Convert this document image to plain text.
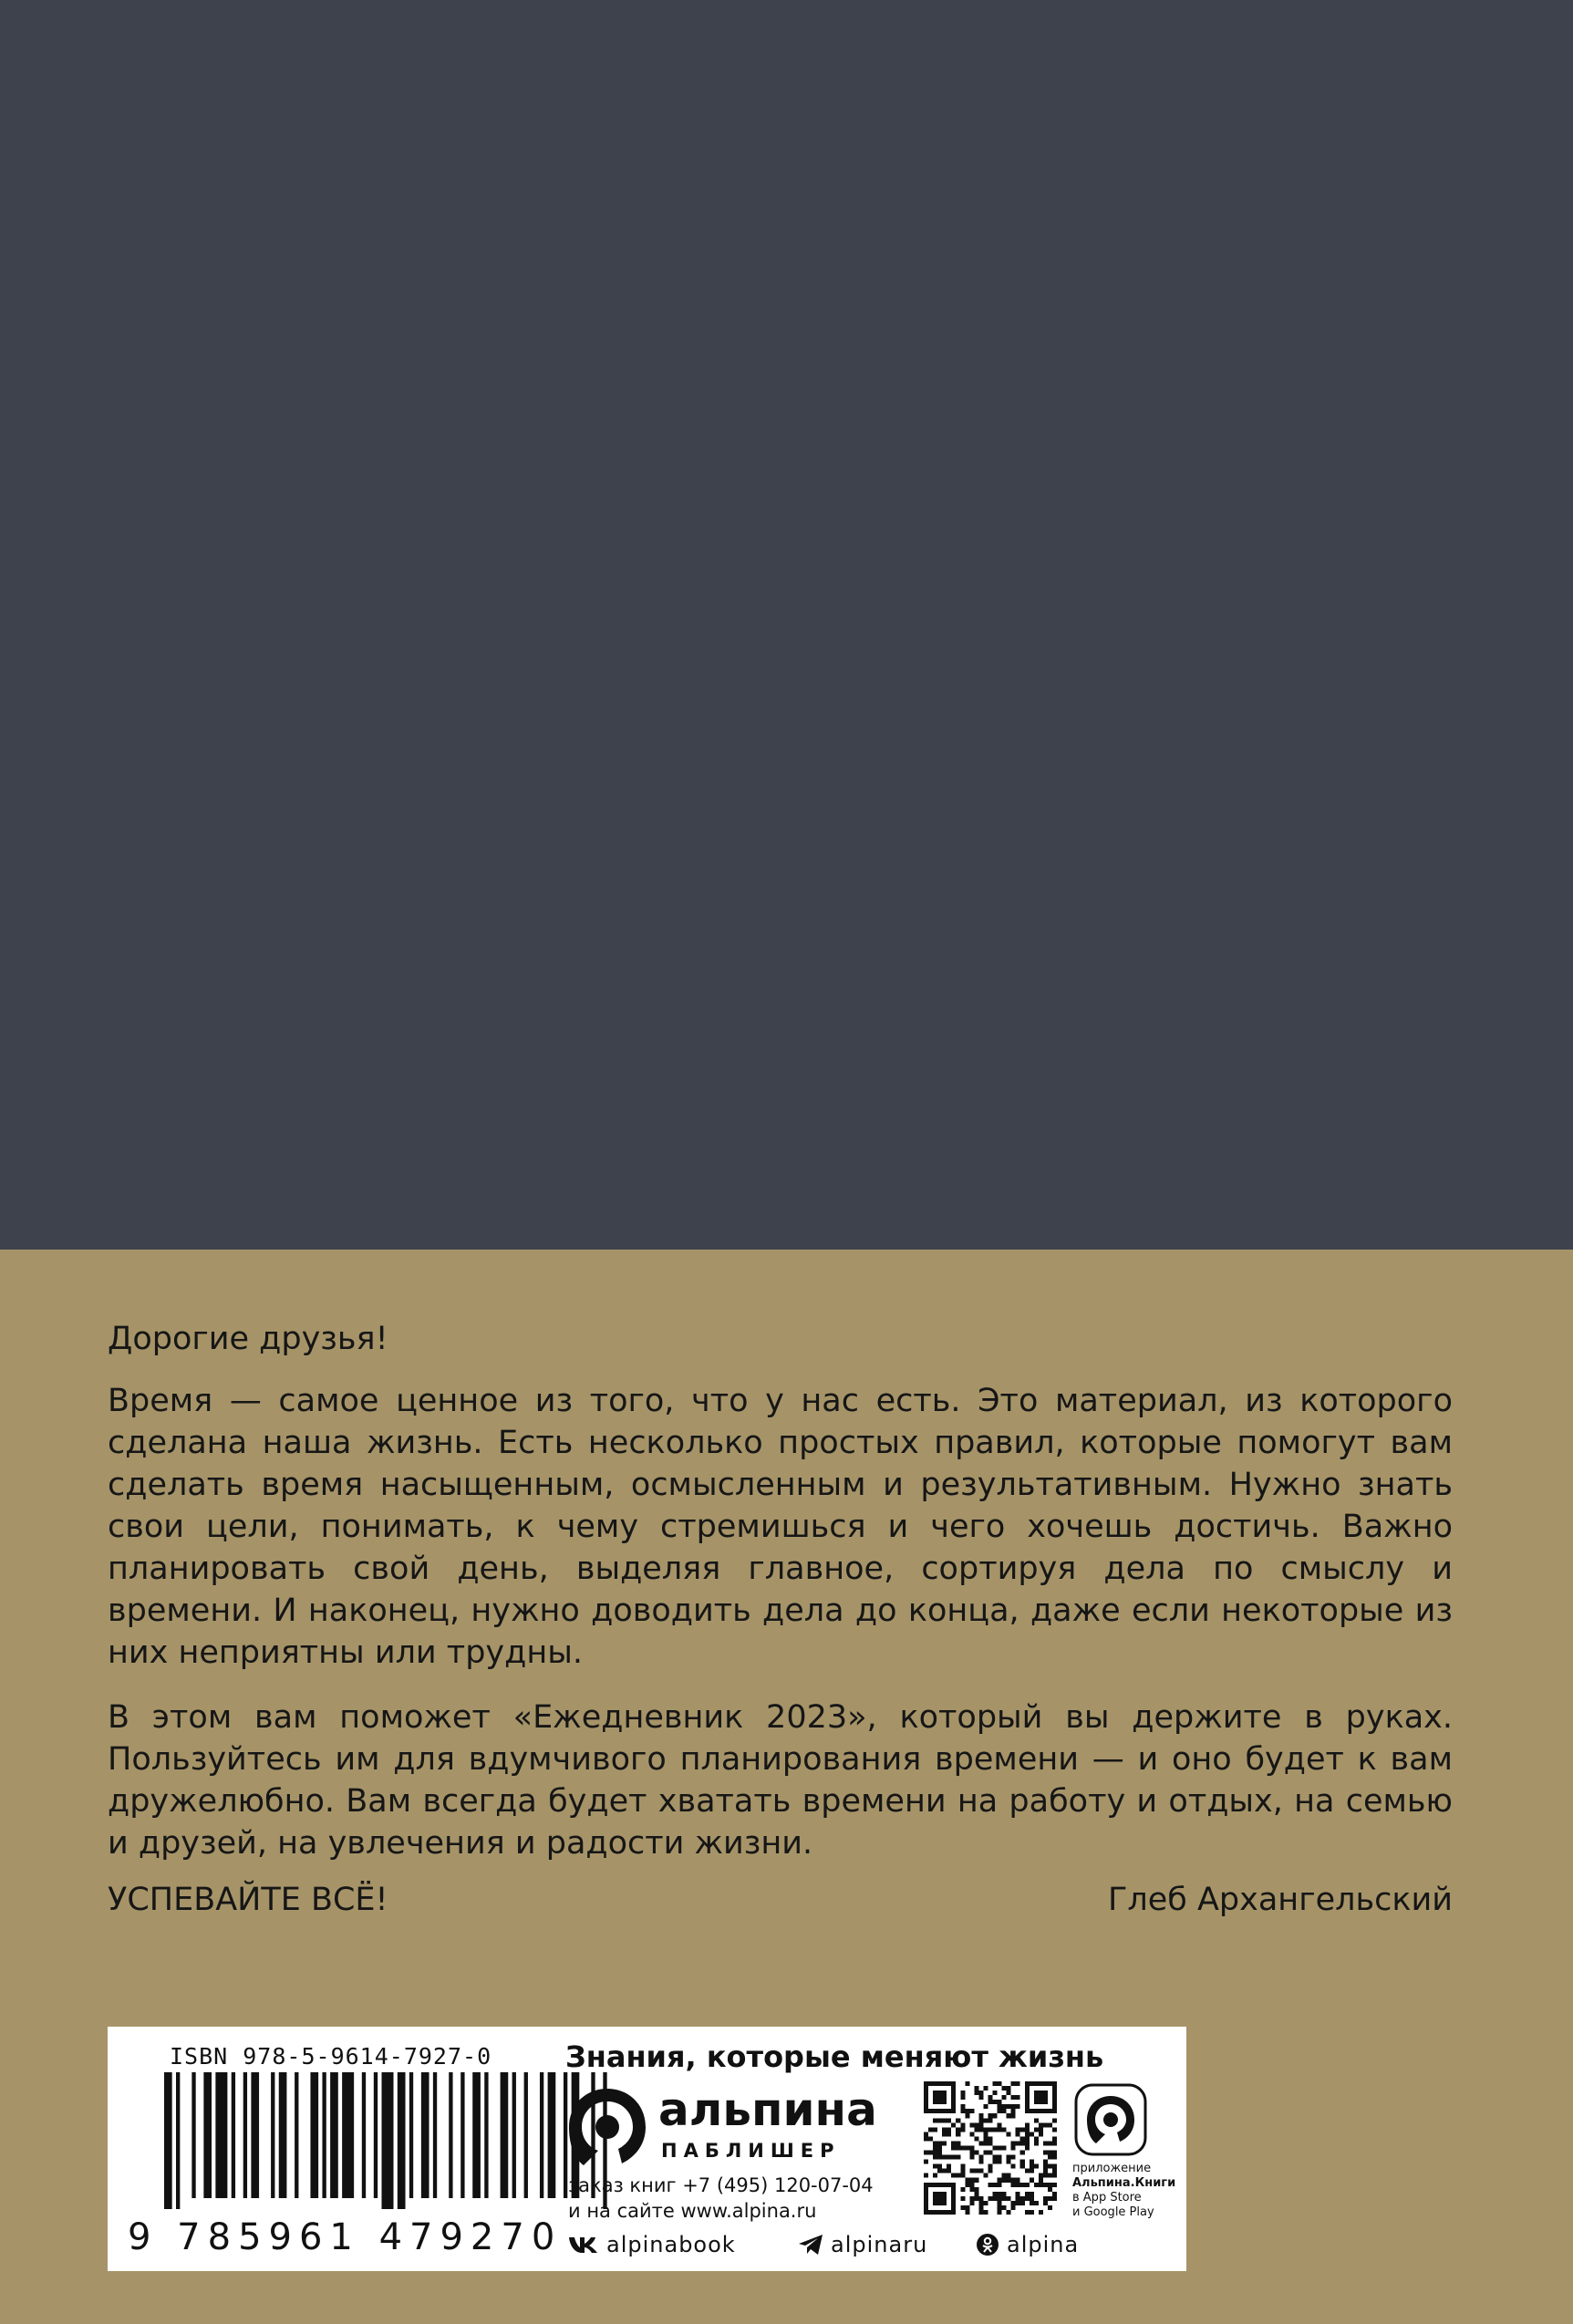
Дорогие друзья!
Время — самое ценное из того, что у нас есть. Это материал, из которого сделана наша жизнь. Есть несколько простых правил, которые помогут вам сделать время насыщенным, осмысленным и результативным. Нужно знать свои цели, понимать, к чему стремишься и чего хочешь достичь. Важно планировать свой день, выделяя главное, сортируя дела по смыслу и времени. И наконец, нужно доводить дела до конца, даже если некоторые из них неприятны или трудны.
В этом вам поможет «Ежедневник 2023», который вы держите в руках. Пользуйтесь им для вдумчивого планирования времени — и оно будет к вам дружелюбно. Вам всегда будет хватать времени на работу и отдых, на семью и друзей, на увлечения и радости жизни.
УСПЕВАЙТЕ ВСЁ!	Глеб Архангельский
ISBN 978-5-9614-7927-0
9 785961 479270
Знания, которые меняют жизнь
альпина
ПАБЛИШЕР
заказ книг +7 (495) 120-07-04
и на сайте www.alpina.ru
alpinabook	alpinaru	alpina
приложение
Альпина.Книги
в App Store
и Google Play
